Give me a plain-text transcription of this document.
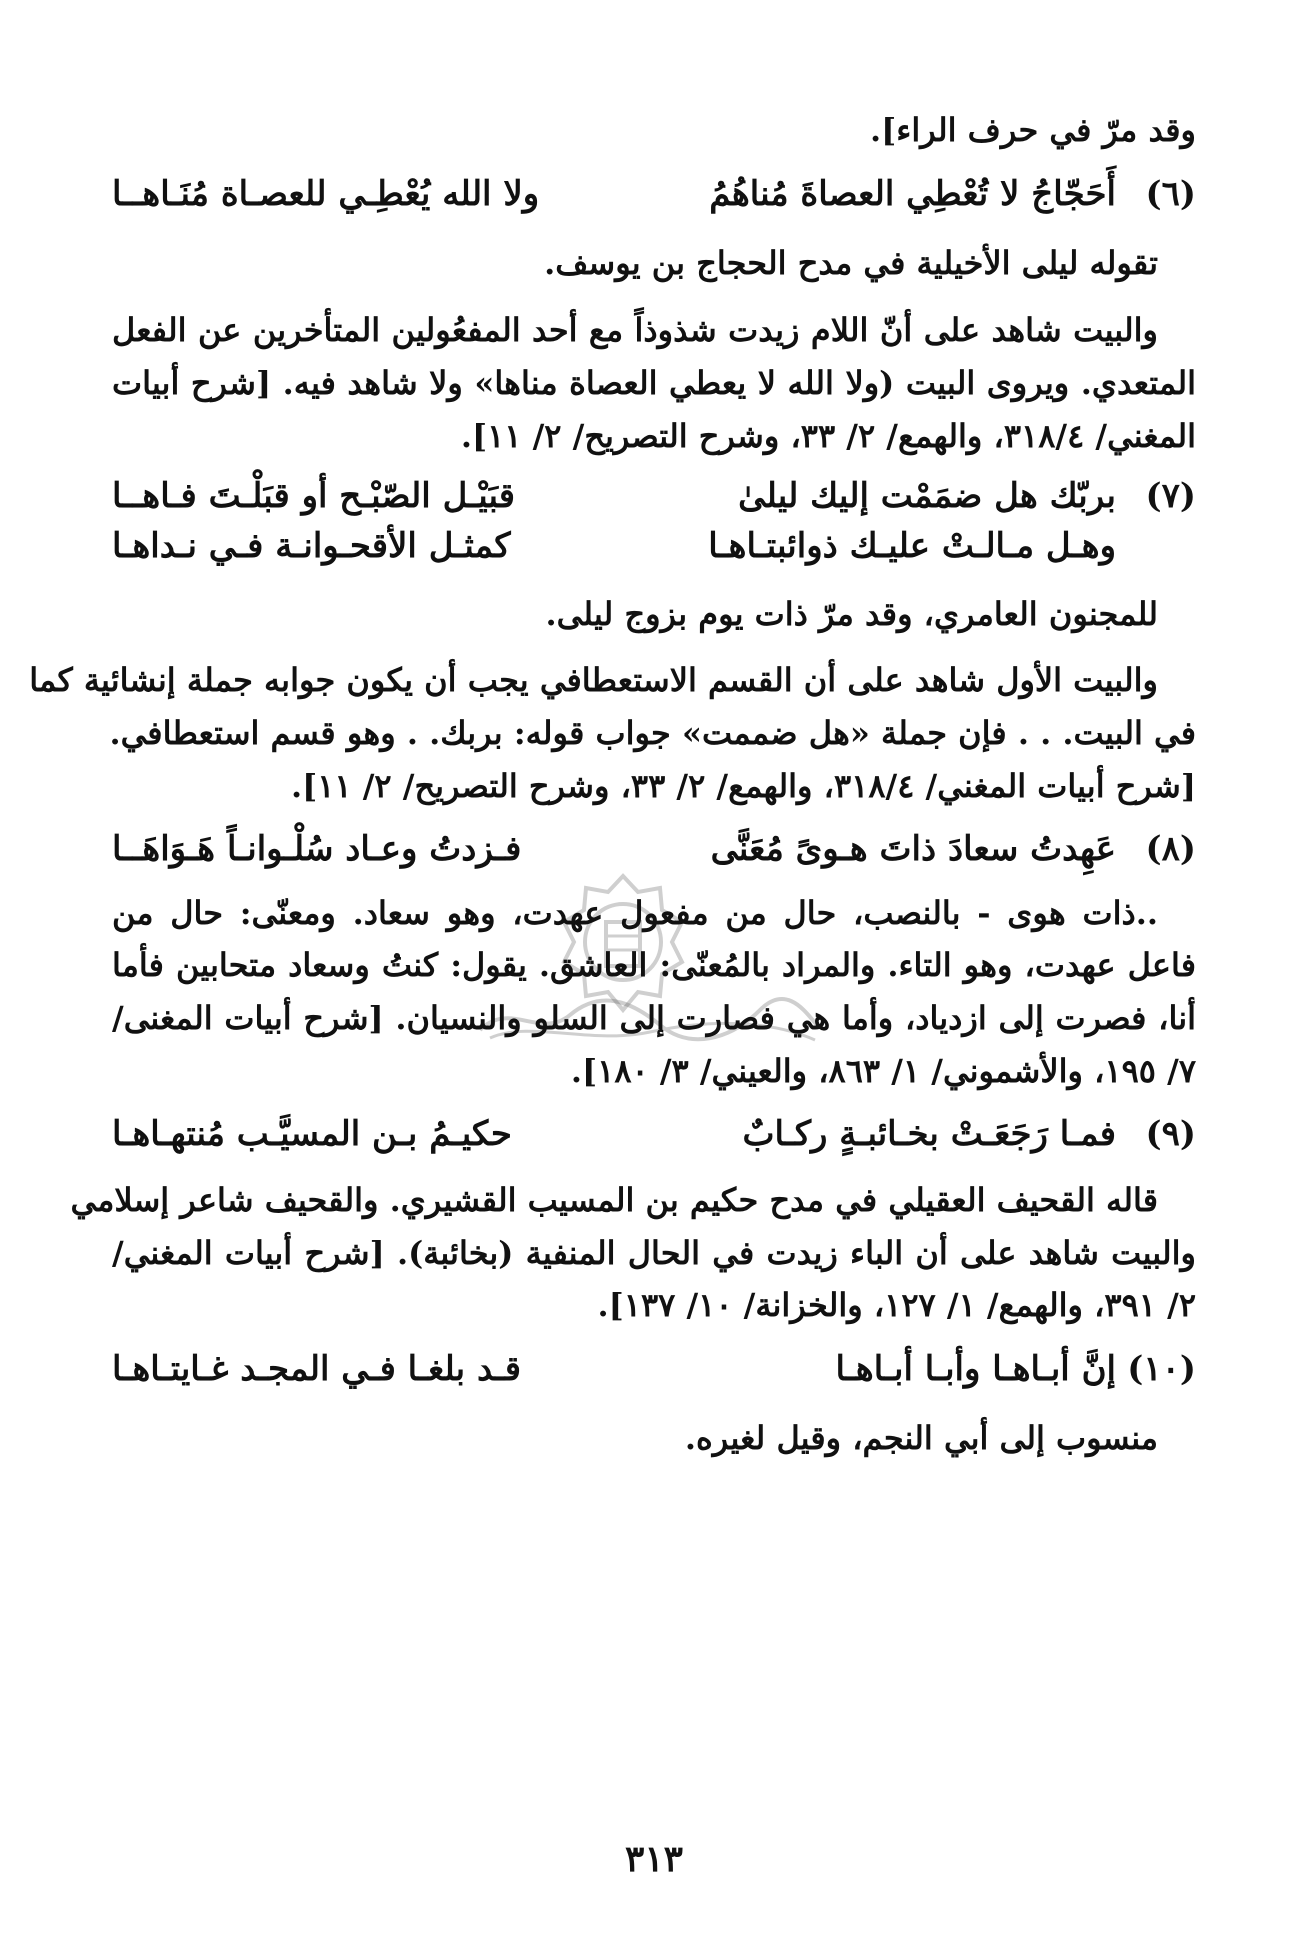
وقد مرّ في حرف الراء].
(٦)
أَحَجّاجُ لا تُعْطِي العصاةَ مُناهُمُ
ولا الله يُعْطِـي للعصـاة مُنَـاهــا
تقوله ليلى الأخيلية في مدح الحجاج بن يوسف.
والبيت شاهد على أنّ اللام زيدت شذوذاً مع أحد المفعُولين المتأخرين عن الفعل
المتعدي. ويروى البيت (ولا الله لا يعطي العصاة مناها» ولا شاهد فيه. [شرح أبيات
المغني/ ٣١٨/٤، والهمع/ ٢/ ٣٣، وشرح التصريح/ ٢/ ١١].
(٧)
بربّك هل ضمَمْت إليك ليلىٰ
قبَيْـل الصّبْـح أو قبَلْـتَ فـاهــا
وهـل مـالـتْ عليـك ذوائبتـاهـا
كمثـل الأقحـوانـة فـي نـداهـا
للمجنون العامري، وقد مرّ ذات يوم بزوج ليلى.
والبيت الأول شاهد على أن القسم الاستعطافي يجب أن يكون جوابه جملة إنشائية كما
في البيت. . . فإن جملة «هل ضممت» جواب قوله: بربك. . وهو قسم استعطافي.
[شرح أبيات المغني/ ٣١٨/٤، والهمع/ ٢/ ٣٣، وشرح التصريح/ ٢/ ١١].
(٨)
عَهِدتُ سعادَ ذاتَ هـوىً مُعَنَّى
فـزدتُ وعـاد سُلْـوانـاً هَـوَاهَــا
..ذات هوى - بالنصب، حال من مفعول عهدت، وهو سعاد. ومعنّى: حال من
فاعل عهدت، وهو التاء. والمراد بالمُعنّى: العاشق. يقول: كنتُ وسعاد متحابين فأما
أنا، فصرت إلى ازدياد، وأما هي فصارت إلى السلو والنسيان. [شرح أبيات المغنى/
٧/ ١٩٥، والأشموني/ ١/ ٨٦٣، والعيني/ ٣/ ١٨٠].
(٩)
فمـا رَجَعَـتْ بخـائبـةٍ ركـابٌ
حكيـمُ بـن المسيَّـب مُنتهـاهـا
قاله القحيف العقيلي في مدح حكيم بن المسيب القشيري. والقحيف شاعر إسلامي
والبيت شاهد على أن الباء زيدت في الحال المنفية (بخائبة). [شرح أبيات المغني/
٢/ ٣٩١، والهمع/ ١/ ١٢٧، والخزانة/ ١٠/ ١٣٧].
(١٠)
إنَّ أبـاهـا وأبـا أبـاهـا
قـد بلغـا فـي المجـد غـايتـاهـا
منسوب إلى أبي النجم، وقيل لغيره.
٣١٣
